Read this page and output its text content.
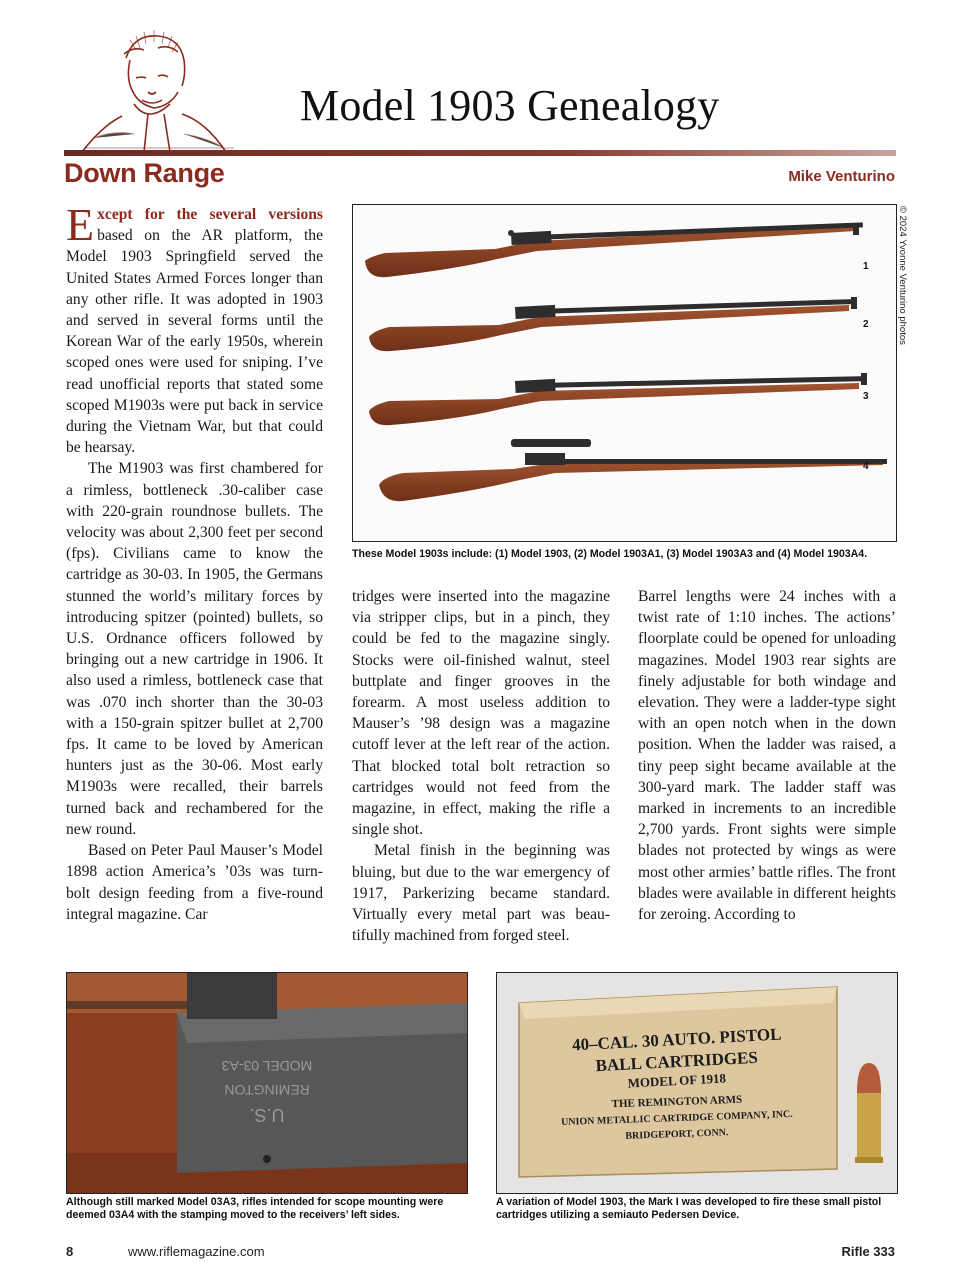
Model 1903 Genealogy
Down Range	Mike Venturino

Except for the several versions based on the AR platform, the Model 1903 Springfield served the United States Armed Forces longer than any other rifle. It was adopted in 1903 and served in several forms until the Korean War of the early 1950s, wherein scoped ones were used for sniping. I’ve read unofficial reports that stated some scoped M1903s were put back in service during the Vietnam War, but that could be hearsay.

The M1903 was first chambered for a rimless, bottleneck .30-caliber case with 220-grain roundnose bullets. The velocity was about 2,300 feet per second (fps). Civilians came to know the cartridge as 30-03. In 1905, the Germans stunned the world’s military forces by introducing spitzer (pointed) bullets, so U.S. Ordnance officers followed by bringing out a new cartridge in 1906. It also used a rimless, bottleneck case that was .070 inch shorter than the 30-03 with a 150-grain spitzer bullet at 2,700 fps. It came to be loved by American hunters just as the 30-06. Most early M1903s were recalled, their barrels turned back and rechambered for the new round.

Based on Peter Paul Mauser’s Model 1898 action America’s ’03s was turn-bolt design feeding from a five-round integral magazine. Car

1
2
3
4
© 2024 Yvonne Venturino photos
These Model 1903s include: (1) Model 1903, (2) Model 1903A1, (3) Model 1903A3 and (4) Model 1903A4.

tridges were inserted into the magazine via stripper clips, but in a pinch, they could be fed to the magazine singly. Stocks were oil-finished walnut, steel buttplate and finger grooves in the forearm. A most useless addition to Mauser’s ’98 design was a magazine cutoff lever at the left rear of the action. That blocked total bolt retraction so cartridges would not feed from the magazine, in effect, making the rifle a single shot.

Metal finish in the beginning was bluing, but due to the war emergency of 1917, Parkerizing became standard. Virtually every metal part was beautifully machined from forged steel.

Barrel lengths were 24 inches with a twist rate of 1:10 inches. The actions’ floorplate could be opened for unloading magazines. Model 1903 rear sights are finely adjustable for both windage and elevation. They were a ladder-type sight with an open notch when in the down position. When the ladder was raised, a tiny peep sight became available at the 300-yard mark. The ladder staff was marked in increments to an incredible 2,700 yards. Front sights were simple blades not protected by wings as were most other armies’ battle rifles. The front blades were available in different heights for zeroing. According to

MODEL 03-A3
REMINGTON
U.S.
Although still marked Model 03A3, rifles intended for scope mounting were deemed 03A4 with the stamping moved to the receivers’ left sides.
40–CAL. 30 AUTO. PISTOL
BALL CARTRIDGES
MODEL OF 1918
THE REMINGTON ARMS
UNION METALLIC CARTRIDGE COMPANY, INC.
BRIDGEPORT, CONN.
A variation of Model 1903, the Mark I was developed to fire these small pistol cartridges utilizing a semiauto Pedersen Device.
8	www.riflemagazine.com	Rifle 333
